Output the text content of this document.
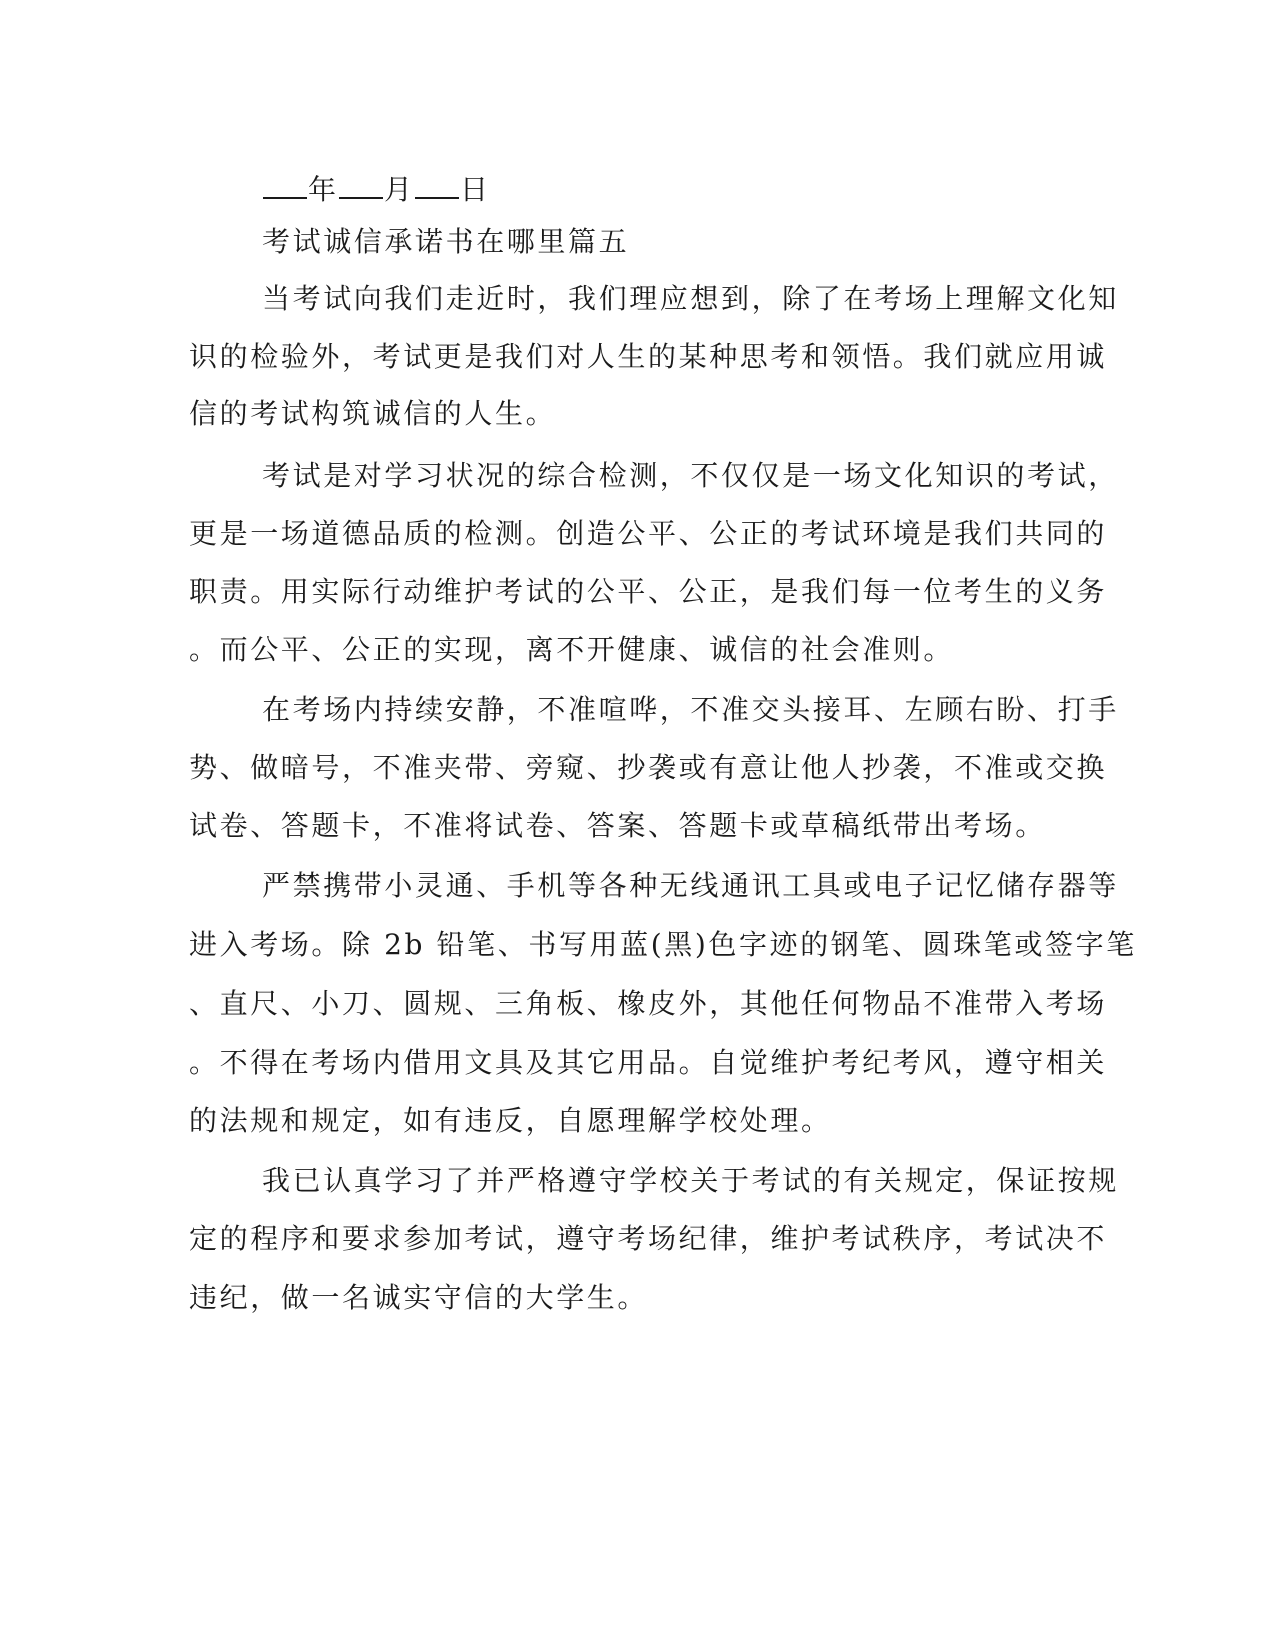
年 月 日
考试诚信承诺书在哪里篇五
当考试向我们走近时，我们理应想到，除了在考场上理解文化知
识的检验外，考试更是我们对人生的某种思考和领悟。我们就应用诚
信的考试构筑诚信的人生。
考试是对学习状况的综合检测，不仅仅是一场文化知识的考试，
更是一场道德品质的检测。创造公平、公正的考试环境是我们共同的
职责。用实际行动维护考试的公平、公正，是我们每一位考生的义务
。而公平、公正的实现，离不开健康、诚信的社会准则。
在考场内持续安静，不准喧哗，不准交头接耳、左顾右盼、打手
势、做暗号，不准夹带、旁窥、抄袭或有意让他人抄袭，不准或交换
试卷、答题卡，不准将试卷、答案、答题卡或草稿纸带出考场。
严禁携带小灵通、手机等各种无线通讯工具或电子记忆储存器等
进入考场。除 2b 铅笔、书写用蓝(黑)色字迹的钢笔、圆珠笔或签字笔
、直尺、小刀、圆规、三角板、橡皮外，其他任何物品不准带入考场
。不得在考场内借用文具及其它用品。自觉维护考纪考风，遵守相关
的法规和规定，如有违反，自愿理解学校处理。
我已认真学习了并严格遵守学校关于考试的有关规定，保证按规
定的程序和要求参加考试，遵守考场纪律，维护考试秩序，考试决不
违纪，做一名诚实守信的大学生。
